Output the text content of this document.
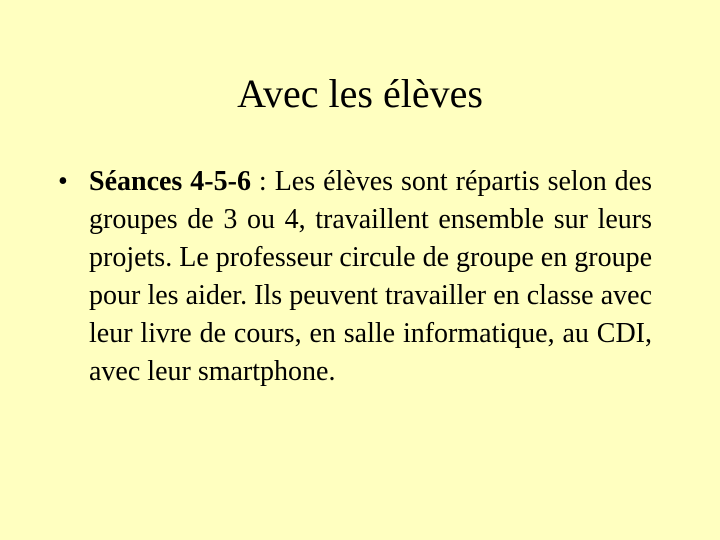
Avec les élèves
• Séances 4-5-6 : Les élèves sont répartis selon des groupes de 3 ou 4, travaillent ensemble sur leurs projets. Le professeur circule de groupe en groupe pour les aider. Ils peuvent travailler en classe avec leur livre de cours, en salle informatique, au CDI, avec leur smartphone.
